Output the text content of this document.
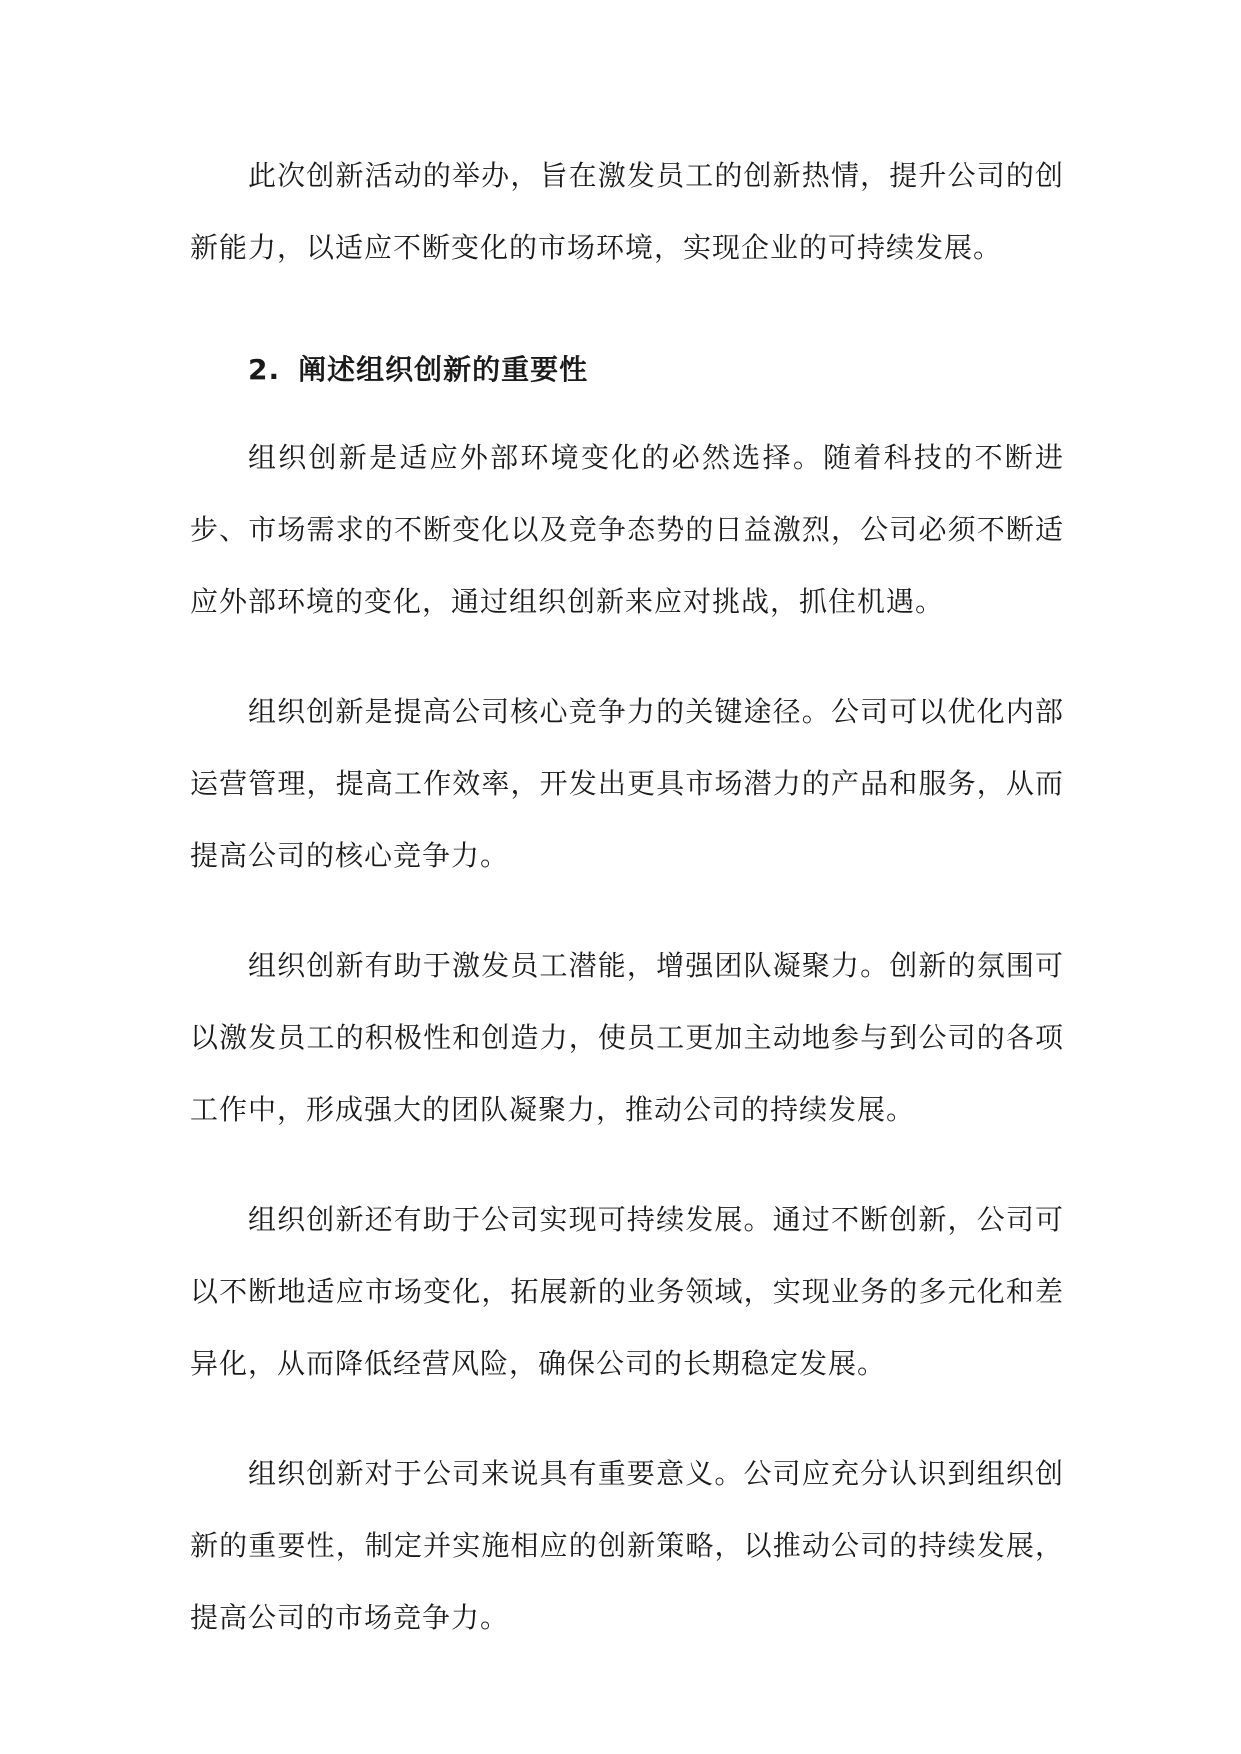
此次创新活动的举办，旨在激发员工的创新热情，提升公司的创新能力，以适应不断变化的市场环境，实现企业的可持续发展。

2. 阐述组织创新的重要性

组织创新是适应外部环境变化的必然选择。随着科技的不断进步、市场需求的不断变化以及竞争态势的日益激烈，公司必须不断适应外部环境的变化，通过组织创新来应对挑战，抓住机遇。

组织创新是提高公司核心竞争力的关键途径。公司可以优化内部运营管理，提高工作效率，开发出更具市场潜力的产品和服务，从而提高公司的核心竞争力。

组织创新有助于激发员工潜能，增强团队凝聚力。创新的氛围可以激发员工的积极性和创造力，使员工更加主动地参与到公司的各项工作中，形成强大的团队凝聚力，推动公司的持续发展。

组织创新还有助于公司实现可持续发展。通过不断创新，公司可以不断地适应市场变化，拓展新的业务领域，实现业务的多元化和差异化，从而降低经营风险，确保公司的长期稳定发展。

组织创新对于公司来说具有重要意义。公司应充分认识到组织创新的重要性，制定并实施相应的创新策略，以推动公司的持续发展，提高公司的市场竞争力。
